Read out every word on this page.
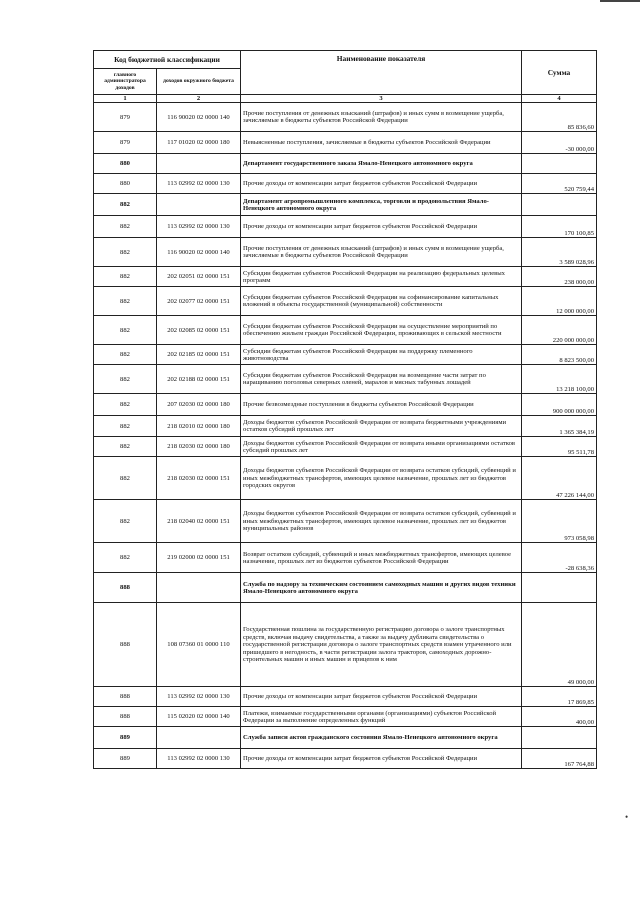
Код бюджетной классификации		Наименование показателя	Сумма
главного администратора доходов	доходов окружного бюджета		
1	2	3	4
879	116 90020 02 0000 140	Прочие поступления от денежных взысканий (штрафов) и иных сумм в возмещение ущерба, зачисляемые в бюджеты субъектов Российской Федерации	85 836,60
879	117 01020 02 0000 180	Невыясненные поступления, зачисляемые в бюджеты субъектов Российской Федерации	-30 000,00
880		Департамент государственного заказа Ямало-Ненецкого автономного округа	
880	113 02992 02 0000 130	Прочие доходы от компенсации затрат бюджетов субъектов Российской Федерации	520 759,44
882		Департамент агропромышленного комплекса, торговли и продовольствия Ямало-Ненецкого автономного округа	
882	113 02992 02 0000 130	Прочие доходы от компенсации затрат бюджетов субъектов Российской Федерации	170 100,85
882	116 90020 02 0000 140	Прочие поступления от денежных взысканий (штрафов) и иных сумм в возмещение ущерба, зачисляемые в бюджеты субъектов Российской Федерации	3 589 028,96
882	202 02051 02 0000 151	Субсидии бюджетам субъектов Российской Федерации на реализацию федеральных целевых программ	238 000,00
882	202 02077 02 0000 151	Субсидии бюджетам субъектов Российской Федерации на софинансирование капитальных вложений в объекты государственной (муниципальной) собственности	12 000 000,00
882	202 02085 02 0000 151	Субсидии бюджетам субъектов Российской Федерации на осуществление мероприятий по обеспечению жильем граждан Российской Федерации, проживающих в сельской местности	220 000 000,00
882	202 02185 02 0000 151	Субсидии бюджетам субъектов Российской Федерации на поддержку племенного животноводства	8 823 500,00
882	202 02188 02 0000 151	Субсидии бюджетам субъектов Российской Федерации на возмещение части затрат по наращиванию поголовья северных оленей, маралов и мясных табунных лошадей	13 218 100,00
882	207 02030 02 0000 180	Прочие безвозмездные поступления в бюджеты субъектов Российской Федерации	900 000 000,00
882	218 02010 02 0000 180	Доходы бюджетов субъектов Российской Федерации от возврата бюджетными учреждениями остатков субсидий прошлых лет	1 365 384,19
882	218 02030 02 0000 180	Доходы бюджетов субъектов Российской Федерации от возврата иными организациями остатков субсидий прошлых лет	95 511,78
882	218 02030 02 0000 151	Доходы бюджетов субъектов Российской Федерации от возврата остатков субсидий, субвенций и иных межбюджетных трансфертов, имеющих целевое назначение, прошлых лет из бюджетов городских округов	47 226 144,00
882	218 02040 02 0000 151	Доходы бюджетов субъектов Российской Федерации от возврата остатков субсидий, субвенций и иных межбюджетных трансфертов, имеющих целевое назначение, прошлых лет из бюджетов муниципальных районов	973 058,98
882	219 02000 02 0000 151	Возврат остатков субсидий, субвенций и иных межбюджетных трансфертов, имеющих целевое назначение, прошлых лет из бюджетов субъектов Российской Федерации	-28 638,36
888		Служба по надзору за техническим состоянием самоходных машин и других видов техники Ямало-Ненецкого автономного округа	
888	108 07360 01 0000 110	Государственная пошлина за государственную регистрацию договора о залоге транспортных средств, включая выдачу свидетельства, а также за выдачу дубликата свидетельства о государственной регистрации договора о залоге транспортных средств взамен утраченного или пришедшего в негодность, в части регистрации залога тракторов, самоходных дорожно-строительных машин и иных машин и прицепов к ним	49 000,00
888	113 02992 02 0000 130	Прочие доходы от компенсации затрат бюджетов субъектов Российской Федерации	17 869,85
888	115 02020 02 0000 140	Платежи, взимаемые государственными органами (организациями) субъектов Российской Федерации за выполнение определенных функций	400,00
889		Служба записи актов гражданского состояния Ямало-Ненецкого автономного округа	
889	113 02992 02 0000 130	Прочие доходы от компенсации затрат бюджетов субъектов Российской Федерации	167 764,88
•
